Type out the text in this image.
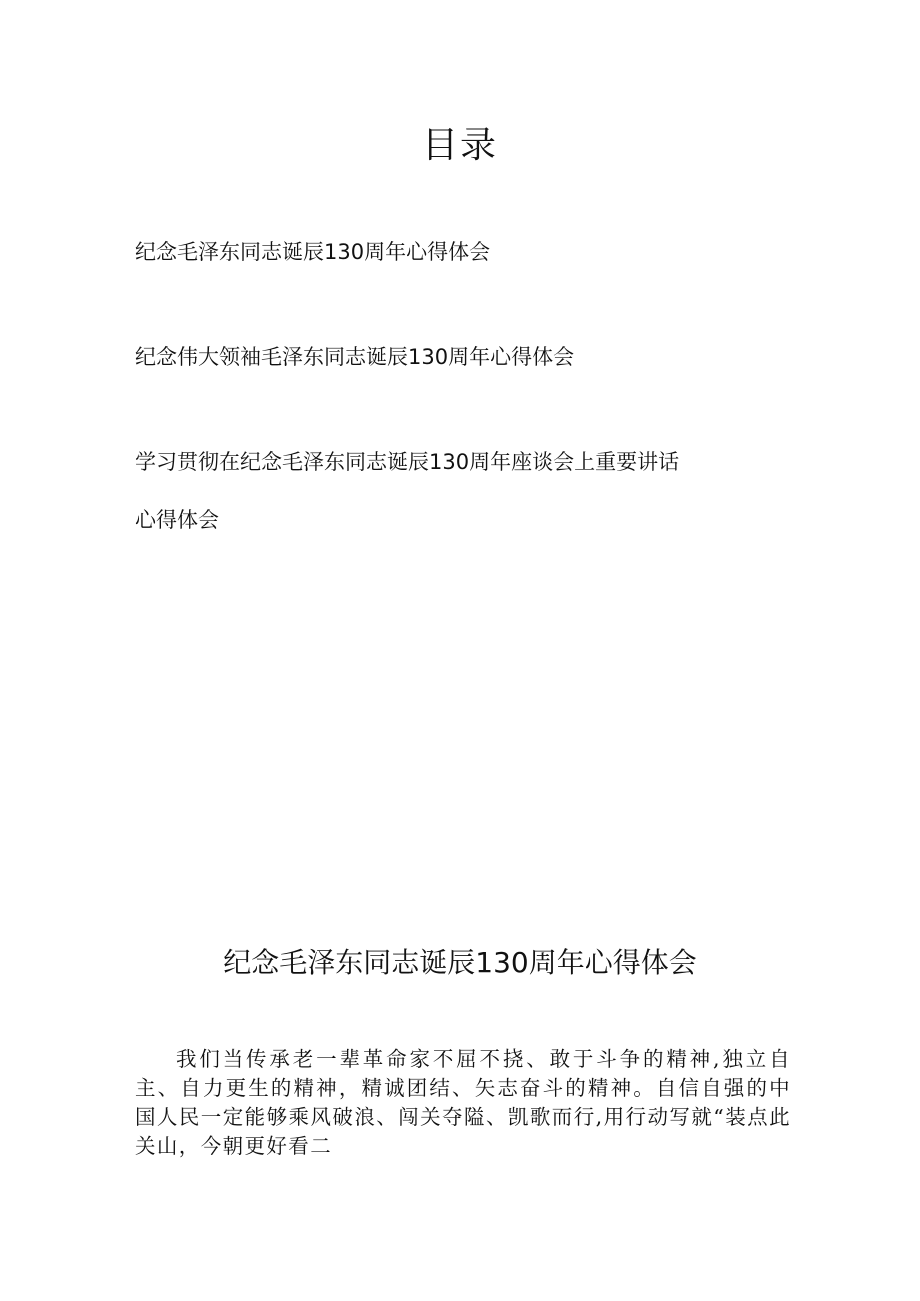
目录
纪念毛泽东同志诞辰130周年心得体会
纪念伟大领袖毛泽东同志诞辰130周年心得体会
学习贯彻在纪念毛泽东同志诞辰130周年座谈会上重要讲话
心得体会
纪念毛泽东同志诞辰130周年心得体会

我们当传承老一辈革命家不屈不挠、敢于斗争的精神,独立自主、自力更生的精神，精诚团结、矢志奋斗的精神。自信自强的中国人民一定能够乘风破浪、闯关夺隘、凯歌而行,用行动写就“装点此关山，今朝更好看二
